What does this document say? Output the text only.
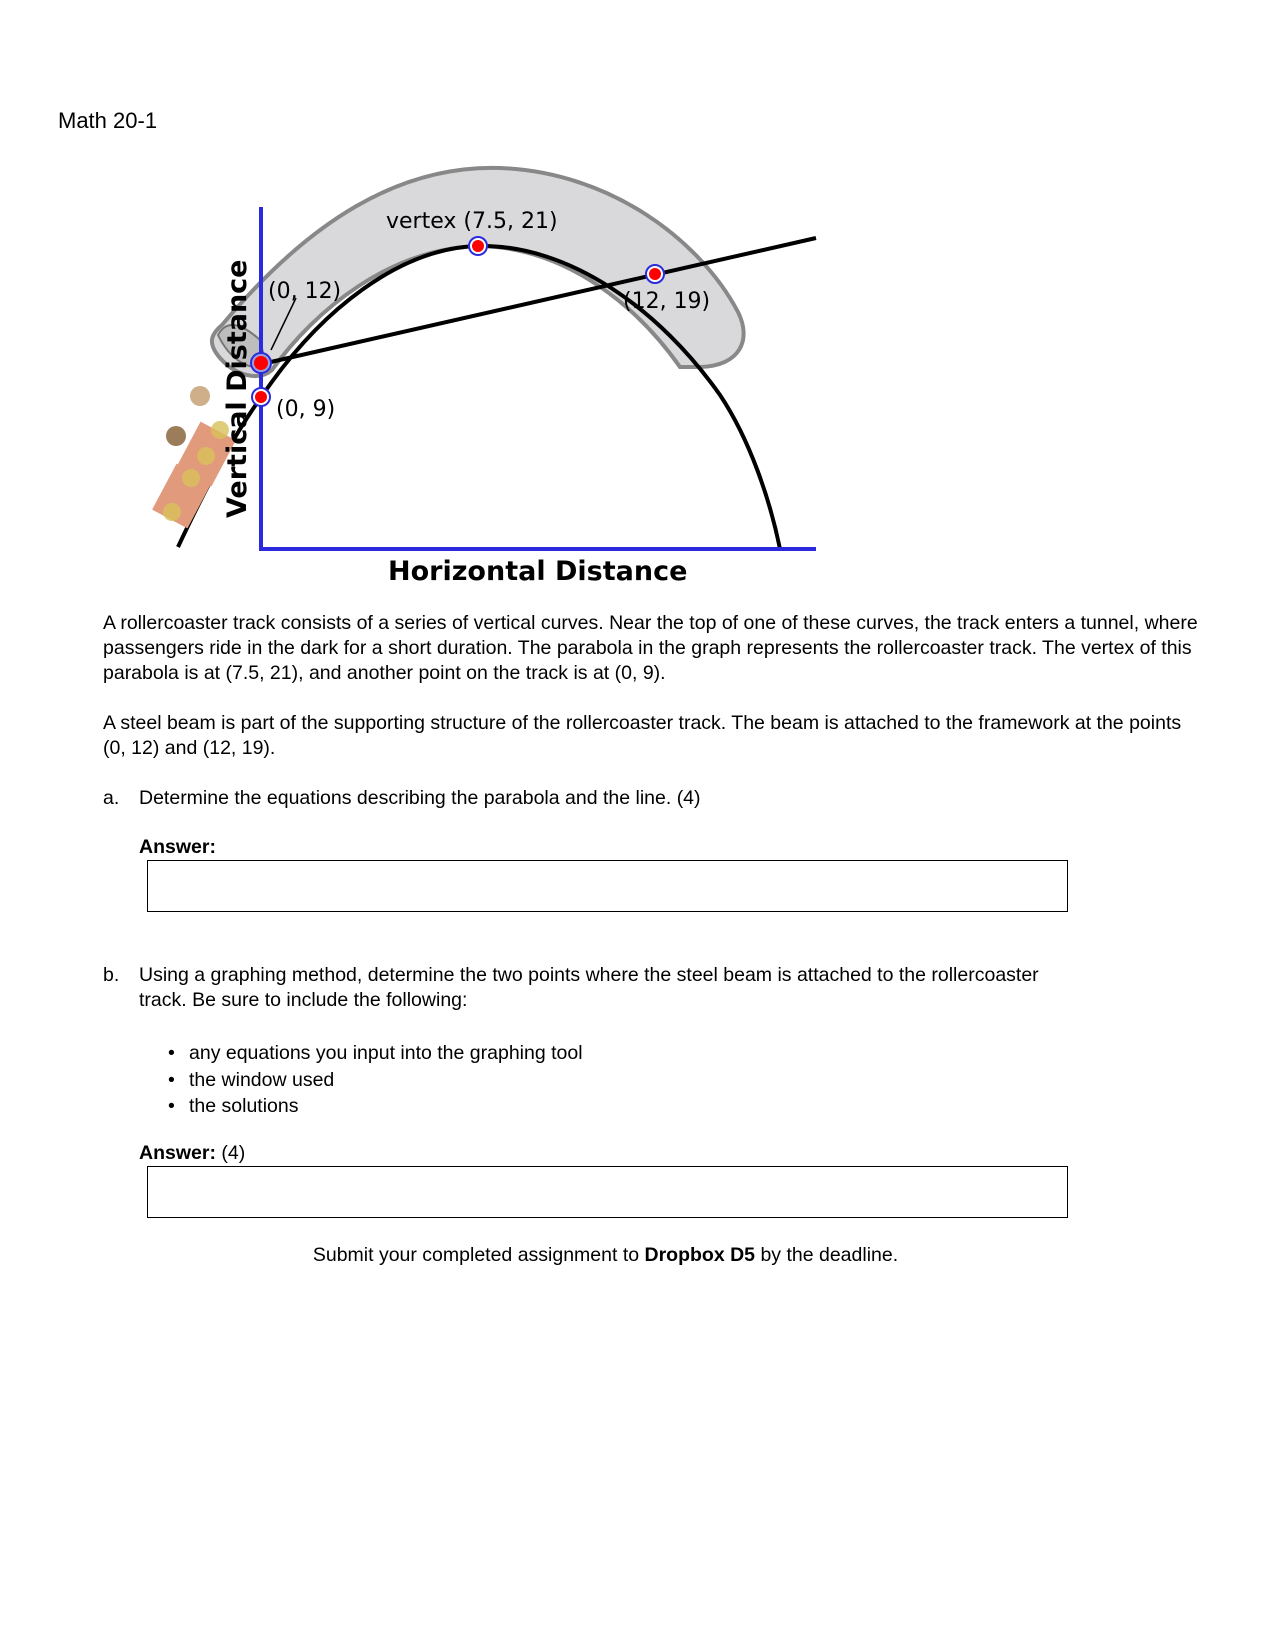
Math 20-1
vertex (7.5, 21)
(0, 12)	(12, 19)
(0, 9)
Vertical Distance
Horizontal Distance
A rollercoaster track consists of a series of vertical curves. Near the top of one of these curves, the track enters a tunnel, where passengers ride in the dark for a short duration. The parabola in the graph represents the rollercoaster track. The vertex of this parabola is at (7.5, 21), and another point on the track is at (0, 9).
A steel beam is part of the supporting structure of the rollercoaster track. The beam is attached to the framework at the points (0, 12) and (12, 19).
a. Determine the equations describing the parabola and the line. (4)
Answer:
b. Using a graphing method, determine the two points where the steel beam is attached to the rollercoaster
track. Be sure to include the following:
• any equations you input into the graphing tool
• the window used
• the solutions
Answer: (4)
Submit your completed assignment to Dropbox D5 by the deadline.
